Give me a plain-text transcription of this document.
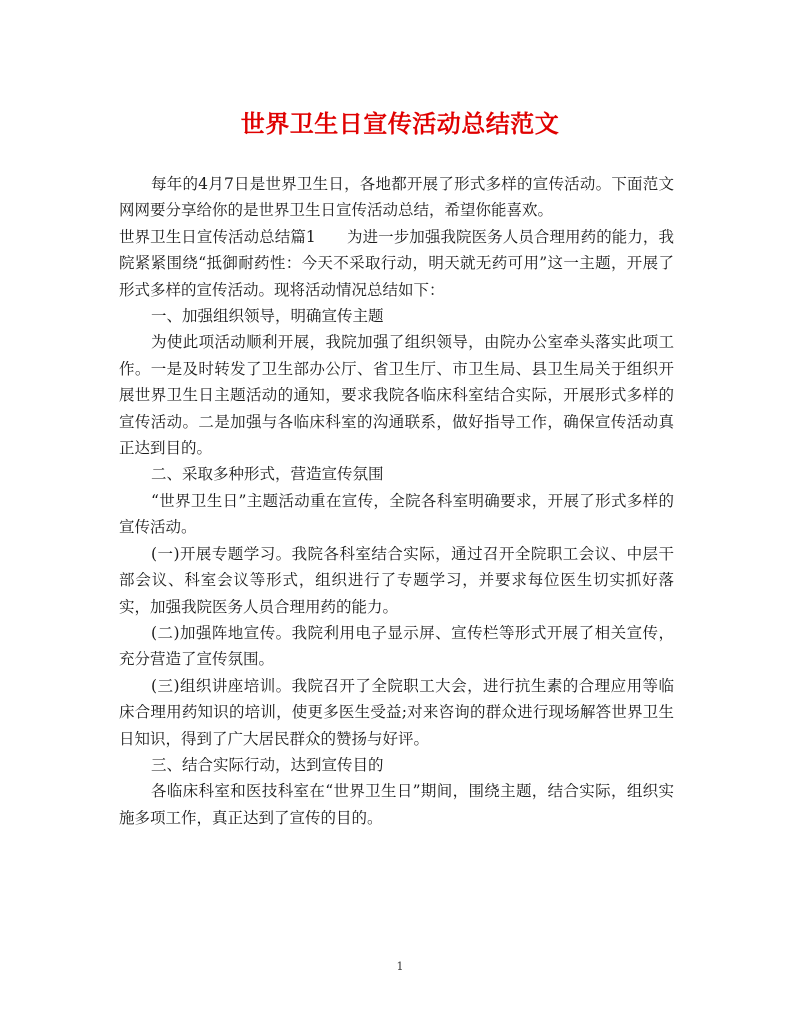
世界卫生日宣传活动总结范文

每年的4月7日是世界卫生日，各地都开展了形式多样的宣传活动。下面范文网网要分享给你的是世界卫生日宣传活动总结，希望你能喜欢。

世界卫生日宣传活动总结篇1　　为进一步加强我院医务人员合理用药的能力，我院紧紧围绕“抵御耐药性：今天不采取行动，明天就无药可用”这一主题，开展了形式多样的宣传活动。现将活动情况总结如下：

一、加强组织领导，明确宣传主题

为使此项活动顺利开展，我院加强了组织领导，由院办公室牵头落实此项工作。一是及时转发了卫生部办公厅、省卫生厅、市卫生局、县卫生局关于组织开展世界卫生日主题活动的通知，要求我院各临床科室结合实际，开展形式多样的宣传活动。二是加强与各临床科室的沟通联系，做好指导工作，确保宣传活动真正达到目的。

二、采取多种形式，营造宣传氛围

“世界卫生日”主题活动重在宣传，全院各科室明确要求，开展了形式多样的宣传活动。

(一)开展专题学习。我院各科室结合实际，通过召开全院职工会议、中层干部会议、科室会议等形式，组织进行了专题学习，并要求每位医生切实抓好落实，加强我院医务人员合理用药的能力。

(二)加强阵地宣传。我院利用电子显示屏、宣传栏等形式开展了相关宣传，充分营造了宣传氛围。

(三)组织讲座培训。我院召开了全院职工大会，进行抗生素的合理应用等临床合理用药知识的培训，使更多医生受益;对来咨询的群众进行现场解答世界卫生日知识，得到了广大居民群众的赞扬与好评。

三、结合实际行动，达到宣传目的

各临床科室和医技科室在“世界卫生日”期间，围绕主题，结合实际，组织实施多项工作，真正达到了宣传的目的。

1
